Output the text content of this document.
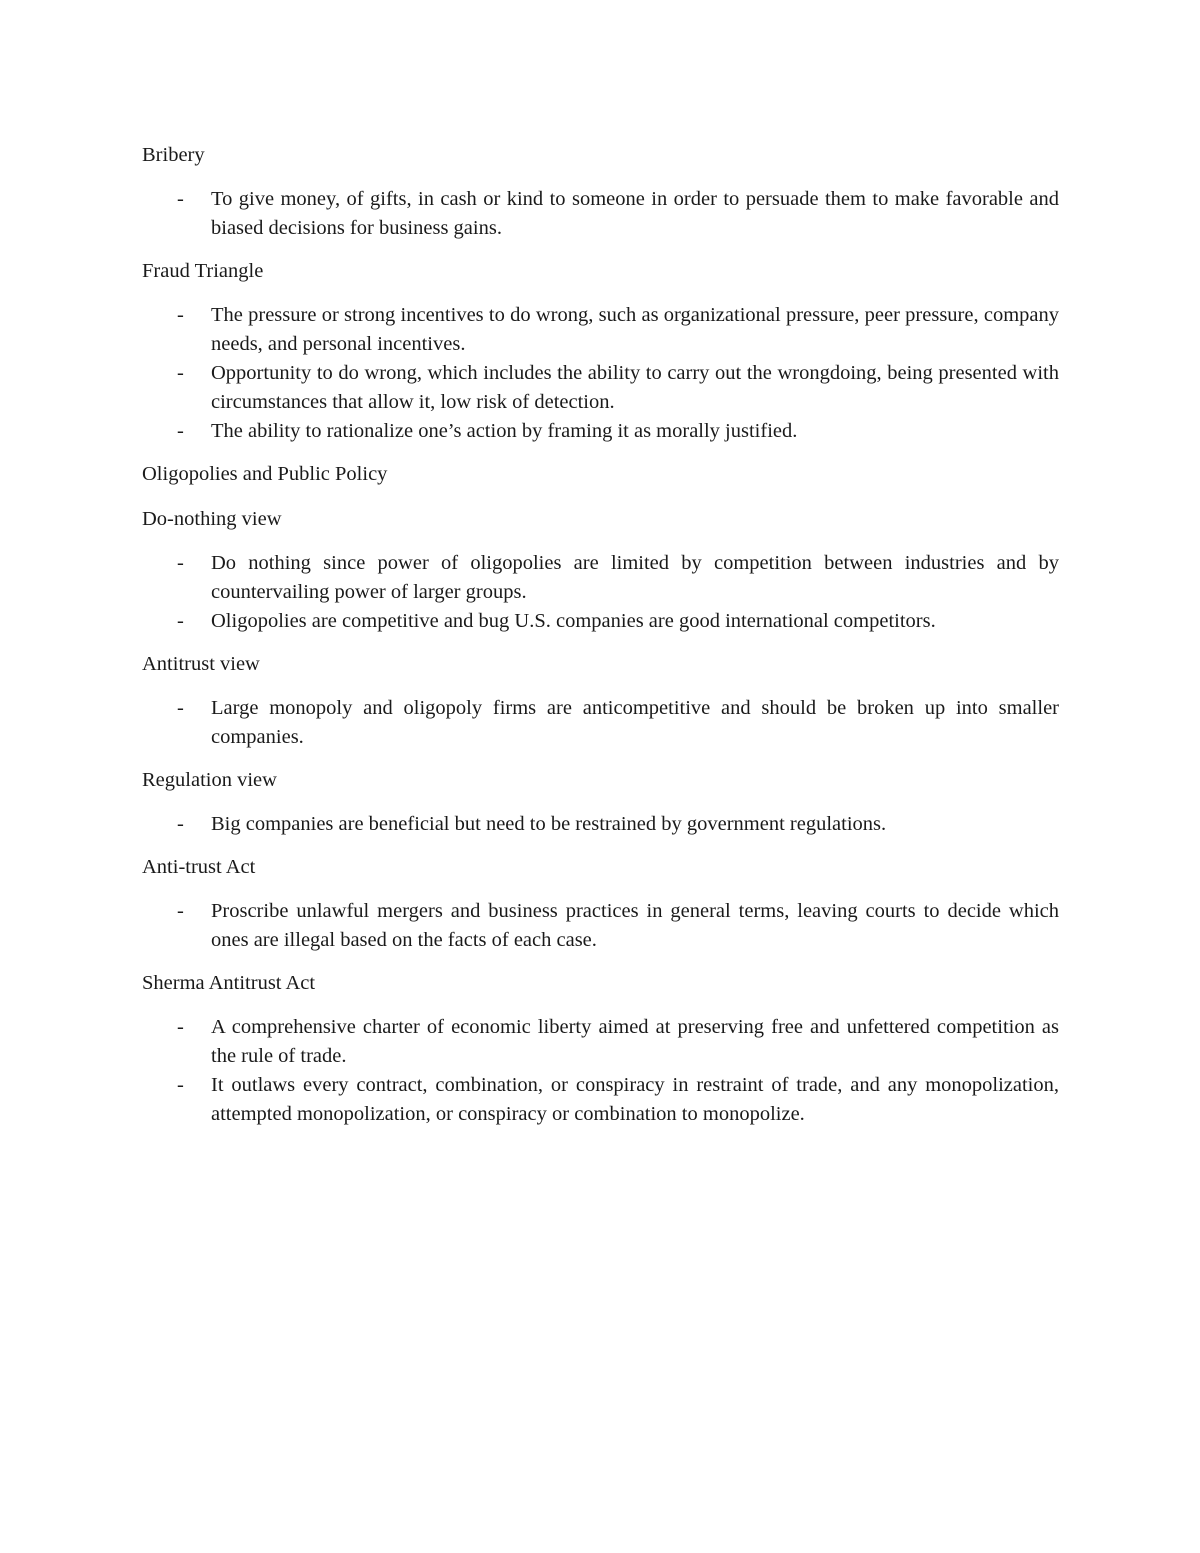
Bribery
- To give money, of gifts, in cash or kind to someone in order to persuade them to make favorable and biased decisions for business gains.
Fraud Triangle
- The pressure or strong incentives to do wrong, such as organizational pressure, peer pressure, company needs, and personal incentives.
- Opportunity to do wrong, which includes the ability to carry out the wrongdoing, being presented with circumstances that allow it, low risk of detection.
- The ability to rationalize one’s action by framing it as morally justified.
Oligopolies and Public Policy
Do-nothing view
- Do nothing since power of oligopolies are limited by competition between industries and by countervailing power of larger groups.
- Oligopolies are competitive and bug U.S. companies are good international competitors.
Antitrust view
- Large monopoly and oligopoly firms are anticompetitive and should be broken up into smaller companies.
Regulation view
- Big companies are beneficial but need to be restrained by government regulations.
Anti-trust Act
- Proscribe unlawful mergers and business practices in general terms, leaving courts to decide which ones are illegal based on the facts of each case.
Sherma Antitrust Act
- A comprehensive charter of economic liberty aimed at preserving free and unfettered competition as the rule of trade.
- It outlaws every contract, combination, or conspiracy in restraint of trade, and any monopolization, attempted monopolization, or conspiracy or combination to monopolize.
